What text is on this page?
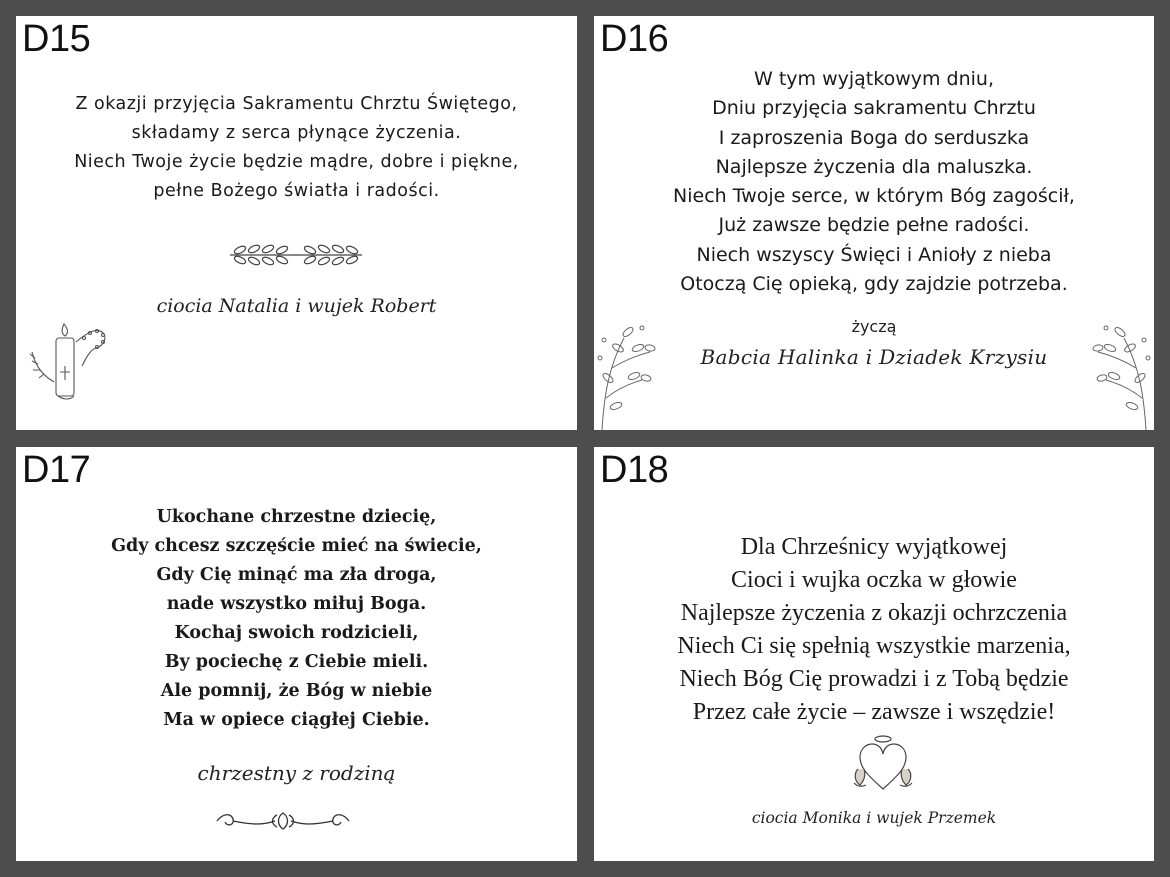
D15
Z okazji przyjęcia Sakramentu Chrztu Świętego,
składamy z serca płynące życzenia.
Niech Twoje życie będzie mądre, dobre i piękne,
pełne Bożego światła i radości.
ciocia Natalia i wujek Robert
D16
W tym wyjątkowym dniu,
Dniu przyjęcia sakramentu Chrztu
I zaproszenia Boga do serduszka
Najlepsze życzenia dla maluszka.
Niech Twoje serce, w którym Bóg zagościł,
Już zawsze będzie pełne radości.
Niech wszyscy Święci i Anioły z nieba
Otoczą Cię opieką, gdy zajdzie potrzeba.
życzą
Babcia Halinka i Dziadek Krzysiu
D17
Ukochane chrzestne dziecię,
Gdy chcesz szczęście mieć na świecie,
Gdy Cię minąć ma zła droga,
nade wszystko miłuj Boga.
Kochaj swoich rodzicieli,
By pociechę z Ciebie mieli.
Ale pomnij, że Bóg w niebie
Ma w opiece ciągłej Ciebie.
chrzestny z rodziną
D18
Dla Chrześnicy wyjątkowej
Cioci i wujka oczka w głowie
Najlepsze życzenia z okazji ochrzczenia
Niech Ci się spełnią wszystkie marzenia,
Niech Bóg Cię prowadzi i z Tobą będzie
Przez całe życie – zawsze i wszędzie!
ciocia Monika i wujek Przemek
